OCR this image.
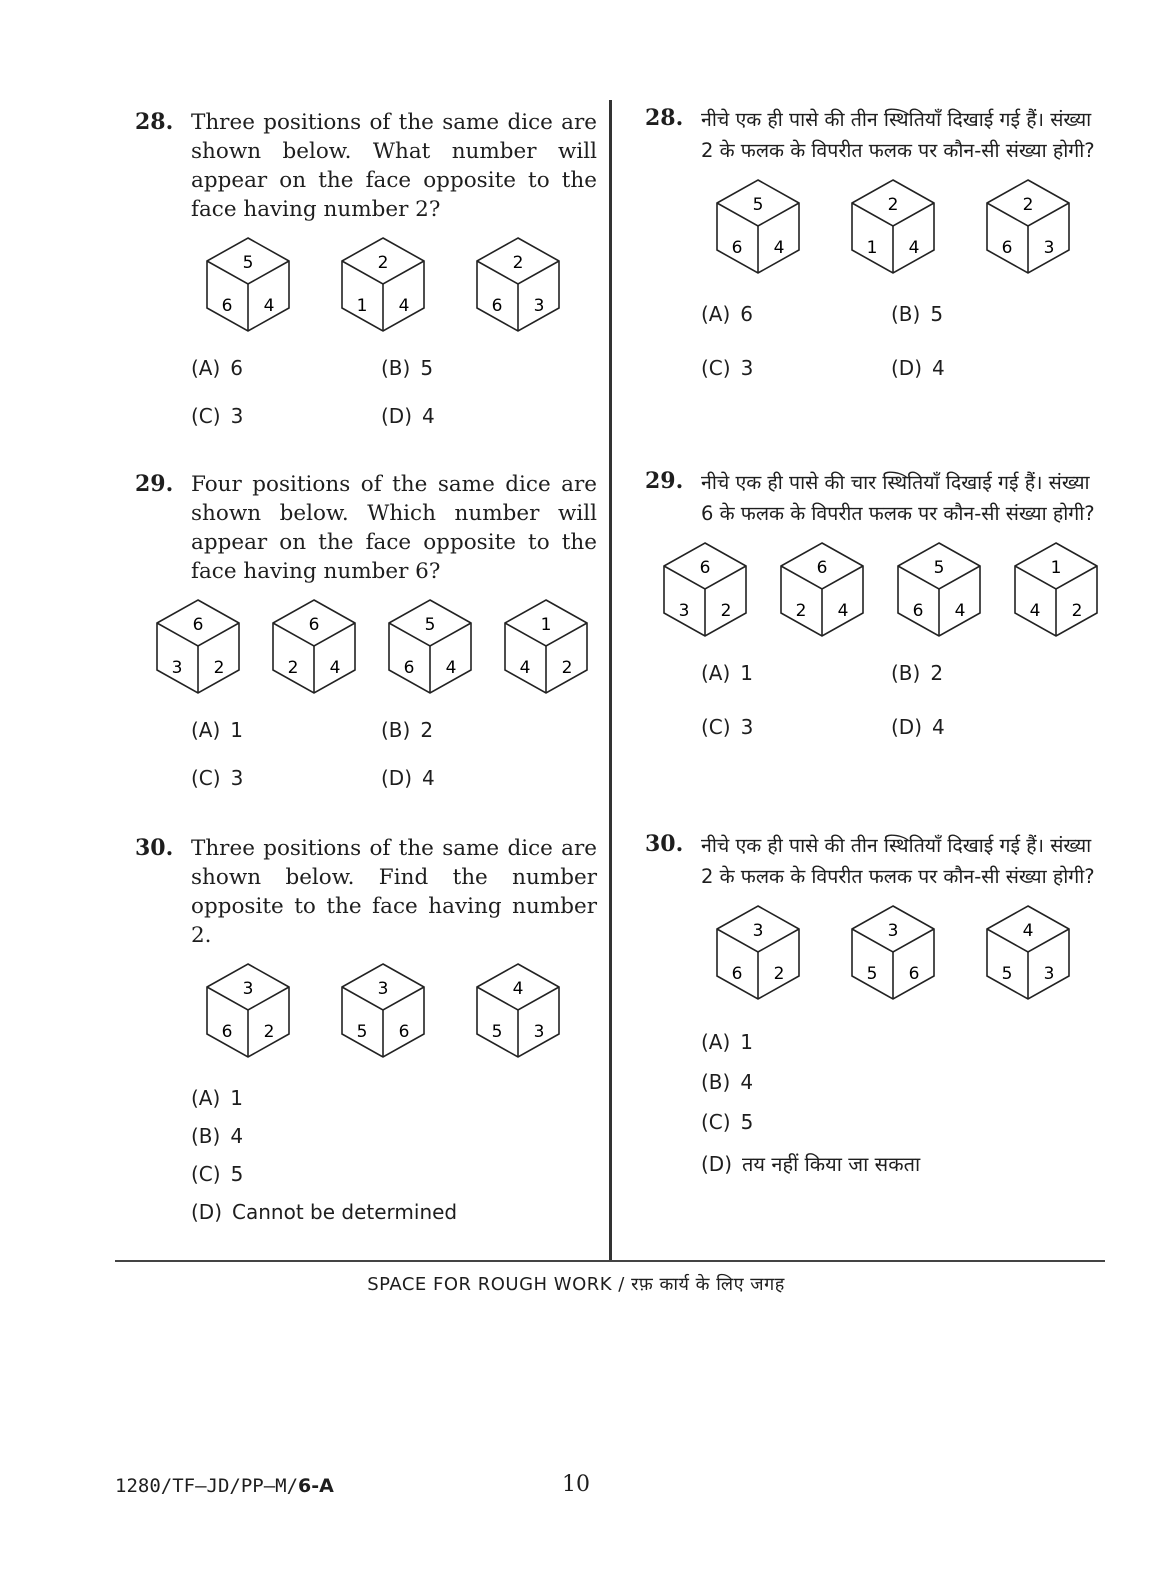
28. Three positions of the same dice are shown below. What number will appear on the face opposite to the face having number 2?
5
6 4
2
1 4
2
6 3
(A) 6	(B) 5
(C) 3	(D) 4
29. Four positions of the same dice are shown below. Which number will appear on the face opposite to the face having number 6?
6
3 2
6
2 4
5
6 4
1
4 2
(A) 1	(B) 2
(C) 3	(D) 4
30. Three positions of the same dice are shown below. Find the number opposite to the face having number 2.
3
6 2
3
5 6
4
5 3
(A) 1
(B) 4
(C) 5
(D) Cannot be determined
28. नीचे एक ही पासे की तीन स्थितियाँ दिखाई गई हैं। संख्या 2 के फलक के विपरीत फलक पर कौन-सी संख्या होगी?
5
6 4
2
1 4
2
6 3
(A) 6	(B) 5
(C) 3	(D) 4
29. नीचे एक ही पासे की चार स्थितियाँ दिखाई गई हैं। संख्या 6 के फलक के विपरीत फलक पर कौन-सी संख्या होगी?
6
3 2
6
2 4
5
6 4
1
4 2
(A) 1	(B) 2
(C) 3	(D) 4
30. नीचे एक ही पासे की तीन स्थितियाँ दिखाई गई हैं। संख्या 2 के फलक के विपरीत फलक पर कौन-सी संख्या होगी?
3
6 2
3
5 6
4
5 3
(A) 1
(B) 4
(C) 5
(D) तय नहीं किया जा सकता
SPACE FOR ROUGH WORK / रफ़ कार्य के लिए जगह
1280/TF–JD/PP–M/6-A	10
